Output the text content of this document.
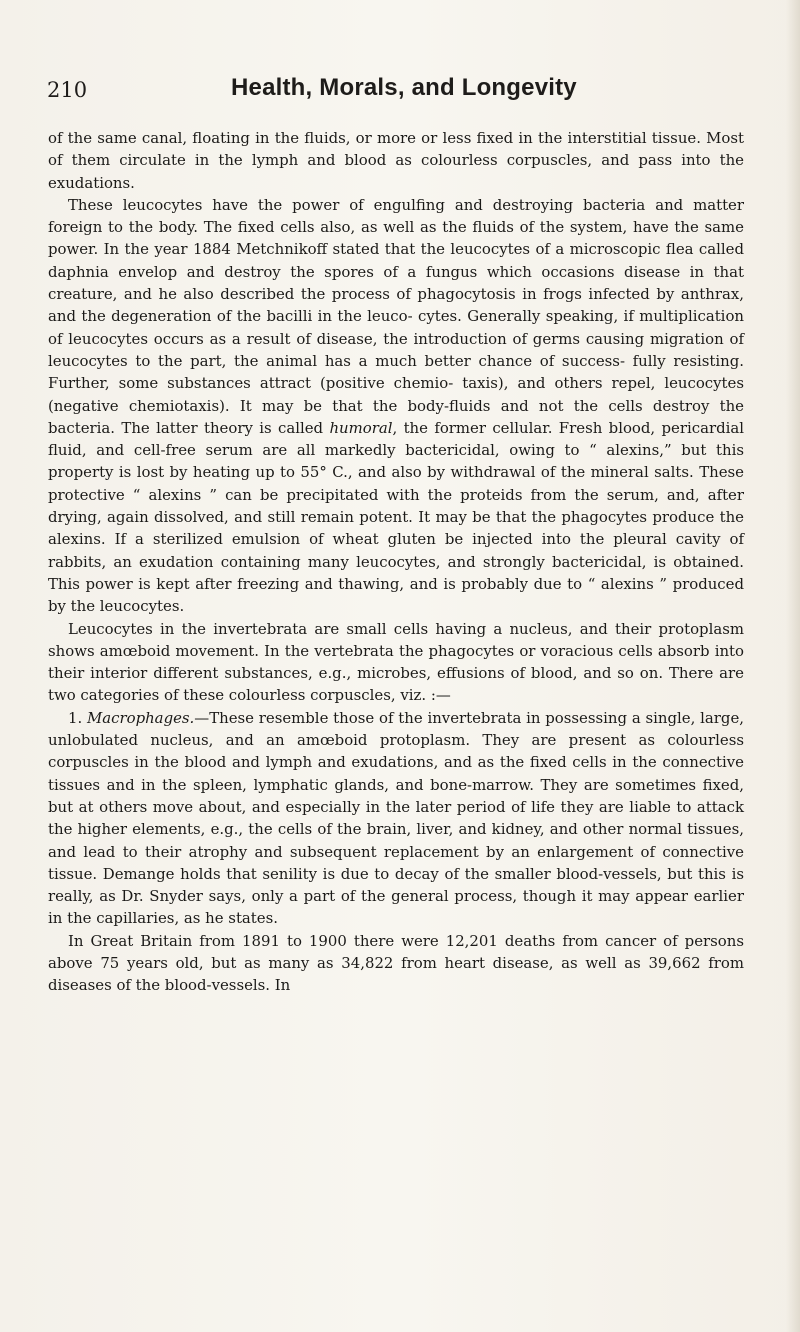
210	Health, Morals, and Longevity

of the same canal, floating in the fluids, or more or less fixed in the interstitial tissue. Most of them circulate in the lymph and blood as colourless corpuscles, and pass into the exudations.

These leucocytes have the power of engulfing and destroying bacteria and matter foreign to the body. The fixed cells also, as well as the fluids of the system, have the same power. In the year 1884 Metchnikoff stated that the leucocytes of a microscopic flea called daphnia envelop and destroy the spores of a fungus which occasions disease in that creature, and he also described the process of phagocytosis in frogs infected by anthrax, and the degeneration of the bacilli in the leuco- cytes. Generally speaking, if multiplication of leucocytes occurs as a result of disease, the introduction of germs causing migration of leucocytes to the part, the animal has a much better chance of success- fully resisting. Further, some substances attract (positive chemio- taxis), and others repel, leucocytes (negative chemiotaxis). It may be that the body-fluids and not the cells destroy the bacteria. The latter theory is called humoral, the former cellular. Fresh blood, pericardial fluid, and cell-free serum are all markedly bactericidal, owing to “ alexins,” but this property is lost by heating up to 55° C., and also by withdrawal of the mineral salts. These protective “ alexins ” can be precipitated with the proteids from the serum, and, after drying, again dissolved, and still remain potent. It may be that the phagocytes produce the alexins. If a sterilized emulsion of wheat gluten be injected into the pleural cavity of rabbits, an exudation containing many leucocytes, and strongly bactericidal, is obtained. This power is kept after freezing and thawing, and is probably due to “ alexins ” produced by the leucocytes.

Leucocytes in the invertebrata are small cells having a nucleus, and their protoplasm shows amœboid movement. In the vertebrata the phagocytes or voracious cells absorb into their interior different substances, e.g., microbes, effusions of blood, and so on. There are two categories of these colourless corpuscles, viz. :—

1. Macrophages.—These resemble those of the invertebrata in possessing a single, large, unlobulated nucleus, and an amœboid protoplasm. They are present as colourless corpuscles in the blood and lymph and exudations, and as the fixed cells in the connective tissues and in the spleen, lymphatic glands, and bone-marrow. They are sometimes fixed, but at others move about, and especially in the later period of life they are liable to attack the higher elements, e.g., the cells of the brain, liver, and kidney, and other normal tissues, and lead to their atrophy and subsequent replacement by an enlargement of connective tissue. Demange holds that senility is due to decay of the smaller blood-vessels, but this is really, as Dr. Snyder says, only a part of the general process, though it may appear earlier in the capillaries, as he states.

In Great Britain from 1891 to 1900 there were 12,201 deaths from cancer of persons above 75 years old, but as many as 34,822 from heart disease, as well as 39,662 from diseases of the blood-vessels. In
